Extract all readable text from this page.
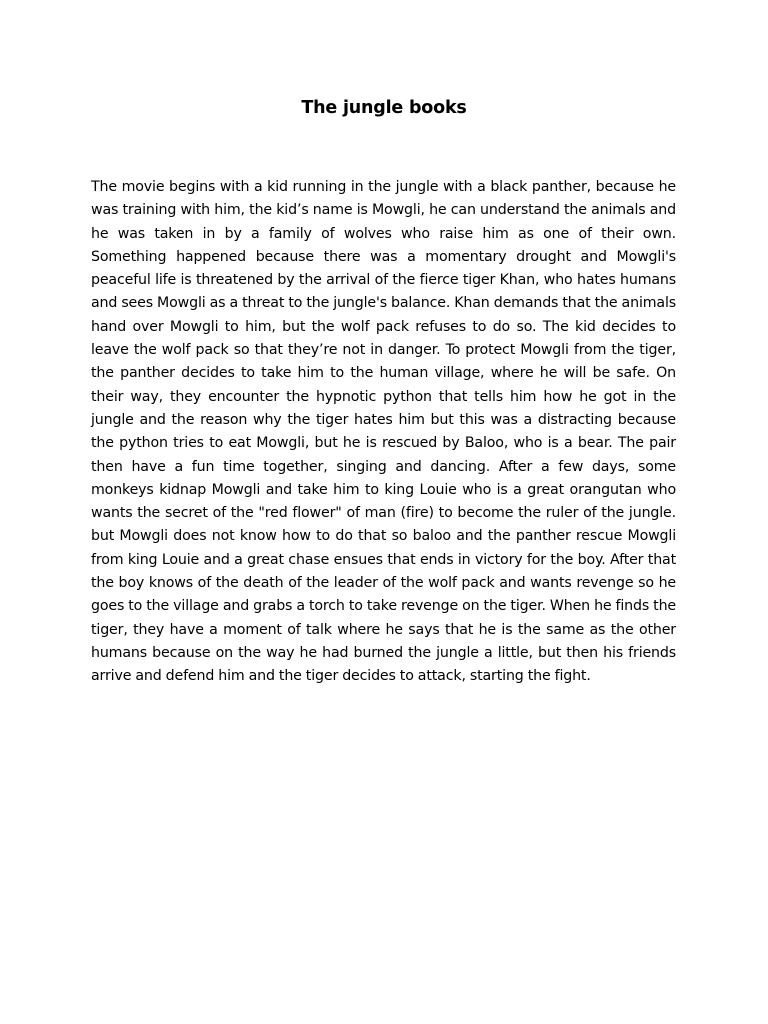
The jungle books

The movie begins with a kid running in the jungle with a black panther, because he was training with him, the kid’s name is Mowgli, he can understand the animals and he was taken in by a family of wolves who raise him as one of their own.   Something happened because there was a momentary drought and Mowgli's peaceful life is threatened by the arrival of the fierce tiger Khan, who hates humans and sees Mowgli as a threat to the jungle's balance. Khan demands that the animals hand over Mowgli to him, but the wolf pack refuses to do so. The kid decides to leave the wolf pack so that they’re not in danger. To protect Mowgli from the tiger, the panther decides to take him to the human village, where he will be safe. On their way, they encounter the hypnotic python that tells him how he got in the jungle and the reason why the tiger hates him but this was a distracting because the python tries to eat Mowgli, but he is rescued by Baloo, who is a bear. The pair then have a fun time together, singing and dancing. After a few days, some monkeys kidnap Mowgli and take him to king Louie who is a great orangutan who wants the secret of the "red flower" of man (fire) to become the ruler of the jungle. but Mowgli does not know how to do that so baloo and the panther rescue Mowgli from king Louie and a great chase ensues that ends in victory for the boy. After that the boy knows of the death of the leader of the wolf pack and wants revenge so he goes to the village and grabs a torch to take revenge on the tiger. When he finds the tiger, they have a moment of talk where he says that he is the same as the other humans because on the way he had burned the jungle a little, but then his friends arrive and defend him and the tiger decides to attack, starting the fight.
